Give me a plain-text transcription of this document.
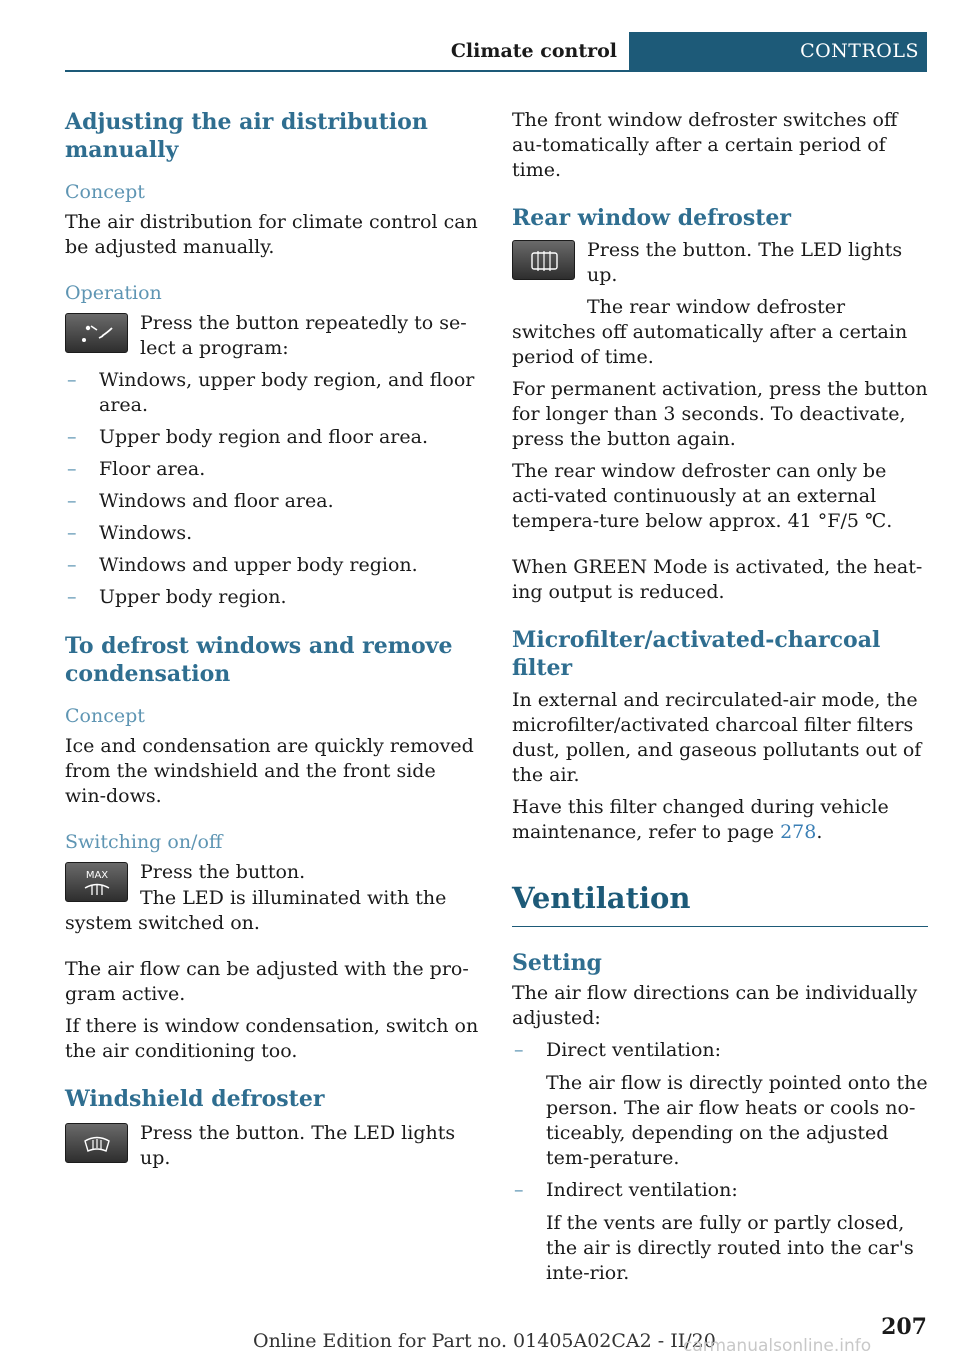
Climate control	CONTROLS
Adjusting the air distribution manually
Concept
The air distribution for climate control can be adjusted manually.
Operation
Press the button repeatedly to se-lect a program:
– Windows, upper body region, and floor area.
– Upper body region and floor area.
– Floor area.
– Windows and floor area.
– Windows.
– Windows and upper body region.
– Upper body region.
To defrost windows and remove condensation
Concept
Ice and condensation are quickly removed from the windshield and the front side win-dows.
Switching on/off
MAX Press the button.
The LED is illuminated with the system switched on.
The air flow can be adjusted with the pro-gram active.
If there is window condensation, switch on the air conditioning too.
Windshield defroster
Press the button. The LED lights up.
The front window defroster switches off au-tomatically after a certain period of time.
Rear window defroster
Press the button. The LED lights up.
The rear window defroster switches off automatically after a certain period of time.
For permanent activation, press the button for longer than 3 seconds. To deactivate, press the button again.
The rear window defroster can only be acti-vated continuously at an external tempera-ture below approx. 41 °F/5 ℃.
When GREEN Mode is activated, the heat-ing output is reduced.
Microfilter/activated-charcoal filter
In external and recirculated-air mode, the microfilter/activated charcoal filter filters dust, pollen, and gaseous pollutants out of the air.
Have this filter changed during vehicle maintenance, refer to page 278.
Ventilation
Setting
The air flow directions can be individually adjusted:
– Direct ventilation:
The air flow is directly pointed onto the person. The air flow heats or cools no-ticeably, depending on the adjusted tem-perature.
– Indirect ventilation:
If the vents are fully or partly closed, the air is directly routed into the car's inte-rior.
Online Edition for Part no. 01405A02CA2 - II/20
207
carmanualsonline.info
